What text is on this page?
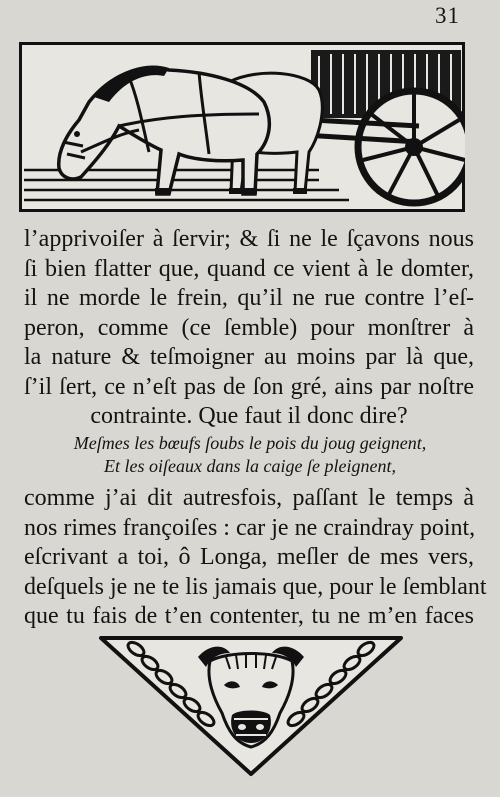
31
l’apprivoiſer à ſervir; & ſi ne le ſçavons nous
ſi bien flatter que, quand ce vient à le domter,
il ne morde le frein, qu’il ne rue contre l’eſ-
peron, comme (ce ſemble) pour monſtrer à
la nature & teſmoigner au moins par là que,
ſ’il ſert, ce n’eſt pas de ſon gré, ains par noſtre
contrainte. Que faut il donc dire?
Meſmes les bœufs ſoubs le pois du joug geignent,
Et les oiſeaux dans la caige ſe pleignent,
comme j’ai dit autresfois, paſſant le temps à
nos rimes françoiſes : car je ne craindray point,
eſcrivant a toi, ô Longa, meſler de mes vers,
deſquels je ne te lis jamais que, pour le ſemblant
que tu fais de t’en contenter, tu ne m’en faces
